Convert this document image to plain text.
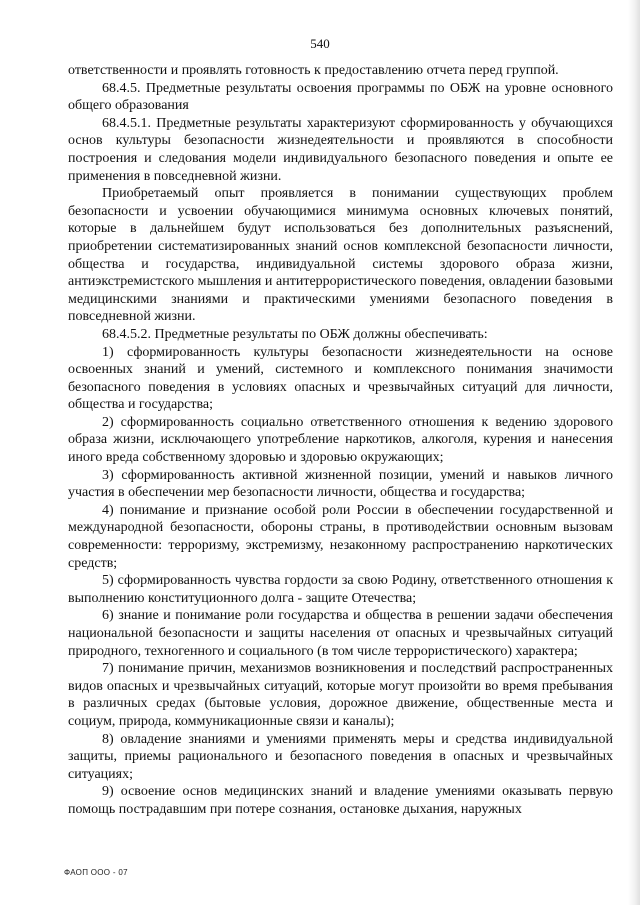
540

ответственности и проявлять готовность к предоставлению отчета перед группой.

68.4.5. Предметные результаты освоения программы по ОБЖ на уровне основного общего образования

68.4.5.1. Предметные результаты характеризуют сформированность у обучающихся основ культуры безопасности жизнедеятельности и проявляются в способности построения и следования модели индивидуального безопасного поведения и опыте ее применения в повседневной жизни.

Приобретаемый опыт проявляется в понимании существующих проблем безопасности и усвоении обучающимися минимума основных ключевых понятий, которые в дальнейшем будут использоваться без дополнительных разъяснений, приобретении систематизированных знаний основ комплексной безопасности личности, общества и государства, индивидуальной системы здорового образа жизни, антиэкстремистского мышления и антитеррористического поведения, овладении базовыми медицинскими знаниями и практическими умениями безопасного поведения в повседневной жизни.

68.4.5.2. Предметные результаты по ОБЖ должны обеспечивать:

1) сформированность культуры безопасности жизнедеятельности на основе освоенных знаний и умений, системного и комплексного понимания значимости безопасного поведения в условиях опасных и чрезвычайных ситуаций для личности, общества и государства;

2) сформированность социально ответственного отношения к ведению здорового образа жизни, исключающего употребление наркотиков, алкоголя, курения и нанесения иного вреда собственному здоровью и здоровью окружающих;

3) сформированность активной жизненной позиции, умений и навыков личного участия в обеспечении мер безопасности личности, общества и государства;

4) понимание и признание особой роли России в обеспечении государственной и международной безопасности, обороны страны, в противодействии основным вызовам современности: терроризму, экстремизму, незаконному распространению наркотических средств;

5) сформированность чувства гордости за свою Родину, ответственного отношения к выполнению конституционного долга - защите Отечества;

6) знание и понимание роли государства и общества в решении задачи обеспечения национальной безопасности и защиты населения от опасных и чрезвычайных ситуаций природного, техногенного и социального (в том числе террористического) характера;

7) понимание причин, механизмов возникновения и последствий распространенных видов опасных и чрезвычайных ситуаций, которые могут произойти во время пребывания в различных средах (бытовые условия, дорожное движение, общественные места и социум, природа, коммуникационные связи и каналы);

8) овладение знаниями и умениями применять меры и средства индивидуальной защиты, приемы рационального и безопасного поведения в опасных и чрезвычайных ситуациях;

9) освоение основ медицинских знаний и владение умениями оказывать первую помощь пострадавшим при потере сознания, остановке дыхания, наружных

ФАОП ООО - 07
